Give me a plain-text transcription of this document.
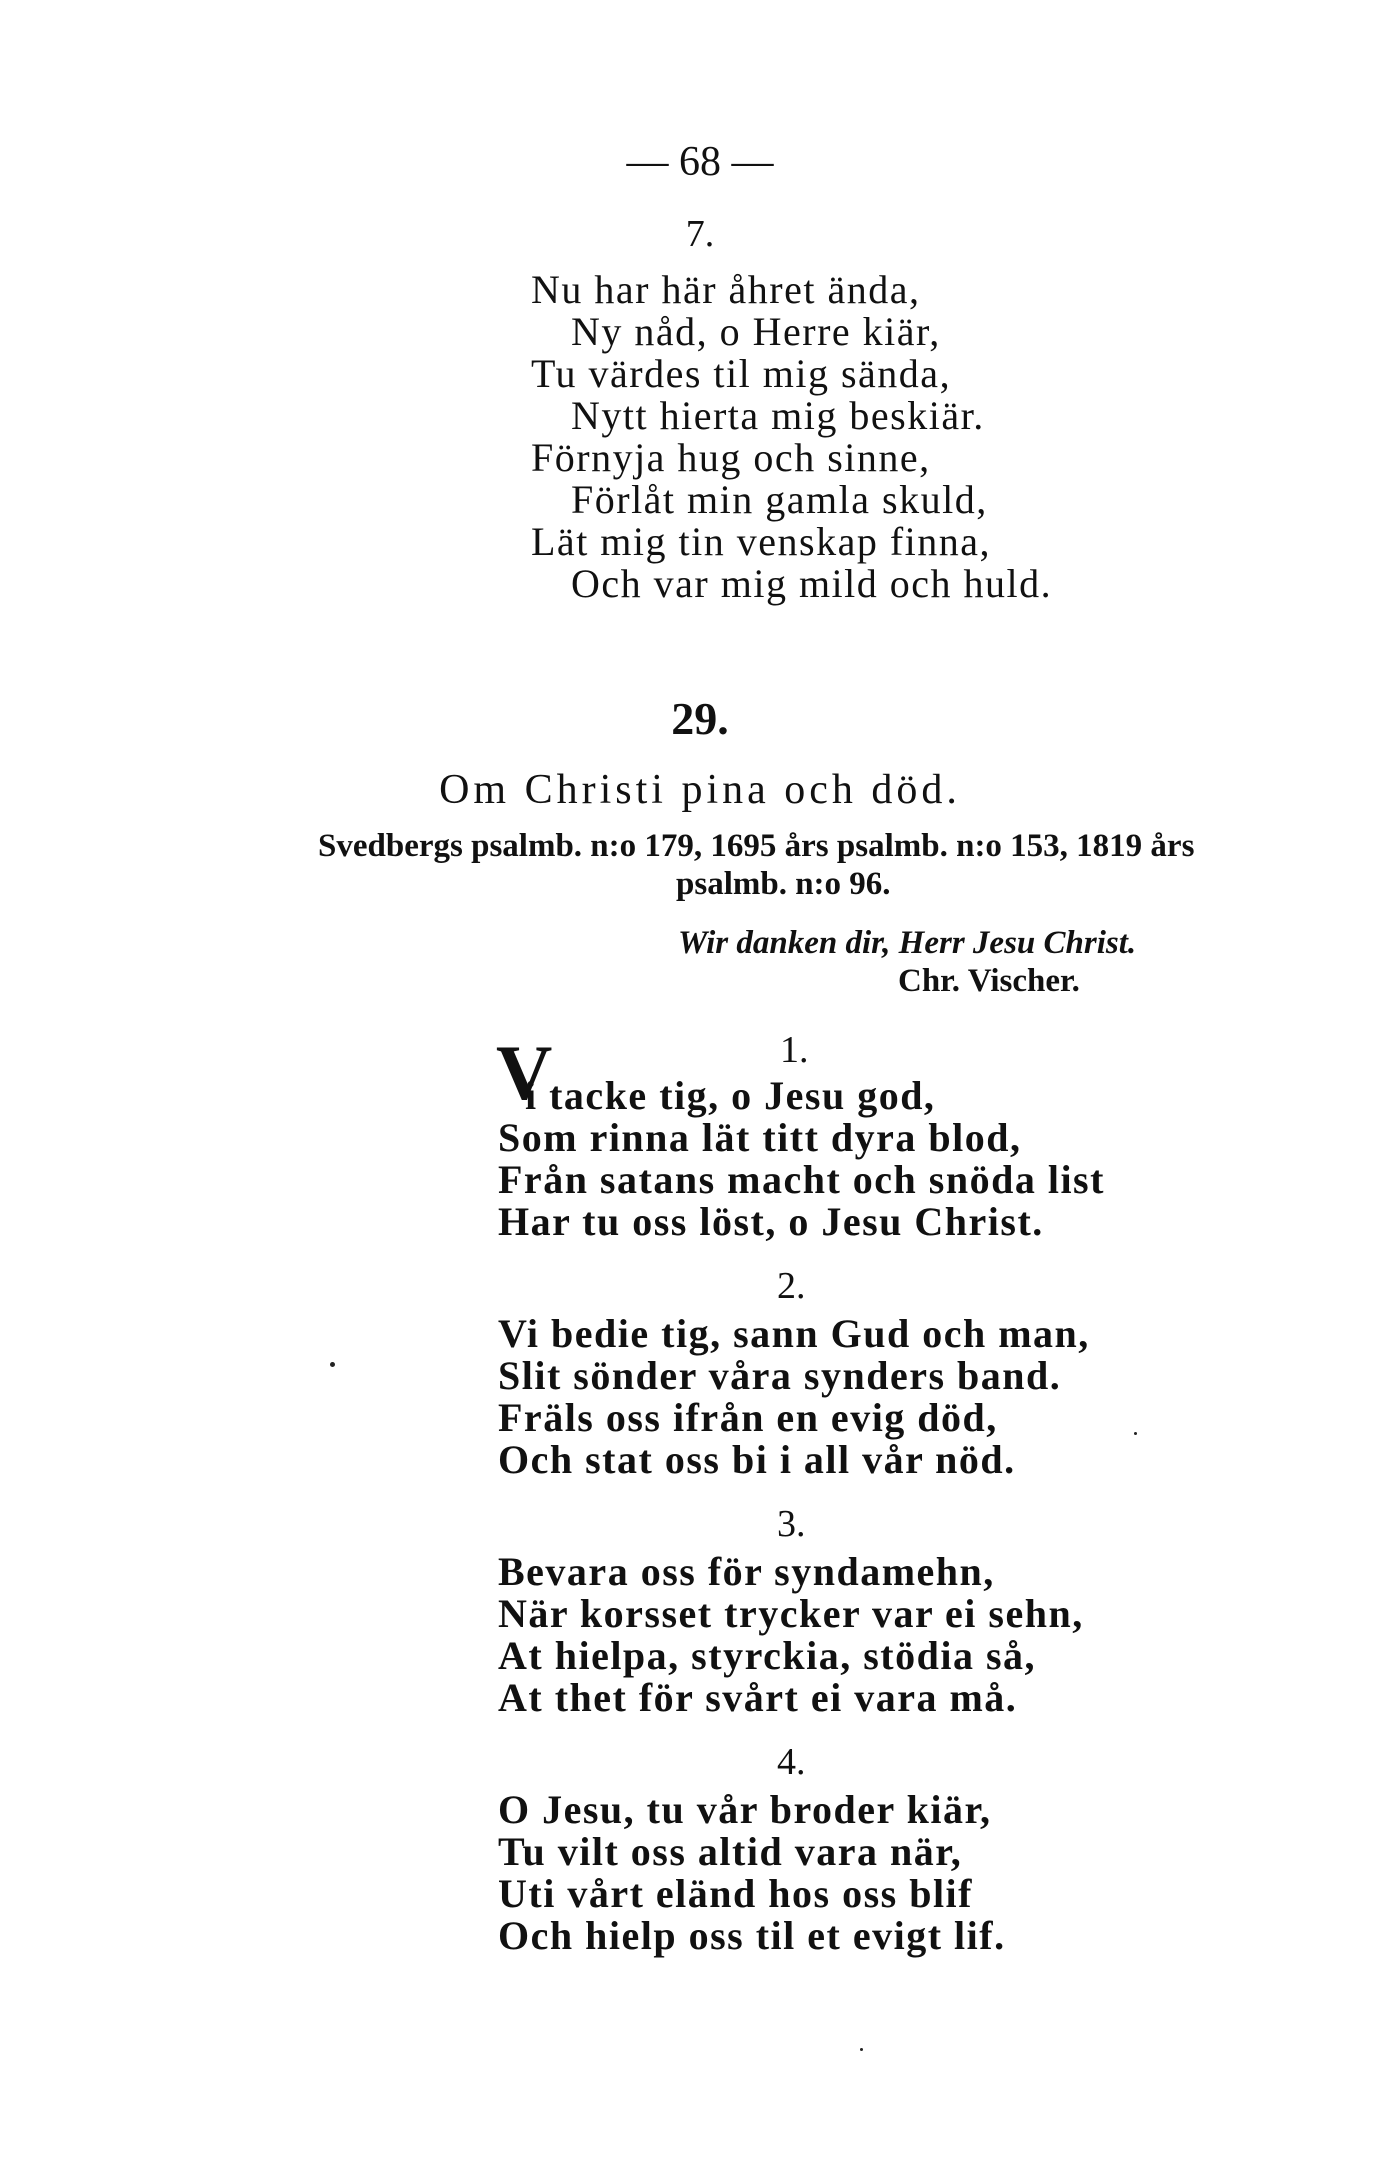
— 68 —
7.
Nu har här åhret ända,
Ny nåd, o Herre kiär,
Tu värdes til mig sända,
Nytt hierta mig beskiär.
Förnyja hug och sinne,
Förlåt min gamla skuld,
Lät mig tin venskap finna,
Och var mig mild och huld.
29.
Om Christi pina och död.
Svedbergs psalmb. n:o 179, 1695 års psalmb. n:o 153, 1819 års
psalmb. n:o 96.
Wir danken dir, Herr Jesu Christ.
Chr. Vischer.
1.
V
i tacke tig, o Jesu god,
Som rinna lät titt dyra blod,
Från satans macht och snöda list
Har tu oss löst, o Jesu Christ.
2.
Vi bedie tig, sann Gud och man,
Slit sönder våra synders band.
Fräls oss ifrån en evig död,
Och stat oss bi i all vår nöd.
3.
Bevara oss för syndamehn,
När korsset trycker var ei sehn,
At hielpa, styrckia, stödia så,
At thet för svårt ei vara må.
4.
O Jesu, tu vår broder kiär,
Tu vilt oss altid vara när,
Uti vårt eländ hos oss blif
Och hielp oss til et evigt lif.
